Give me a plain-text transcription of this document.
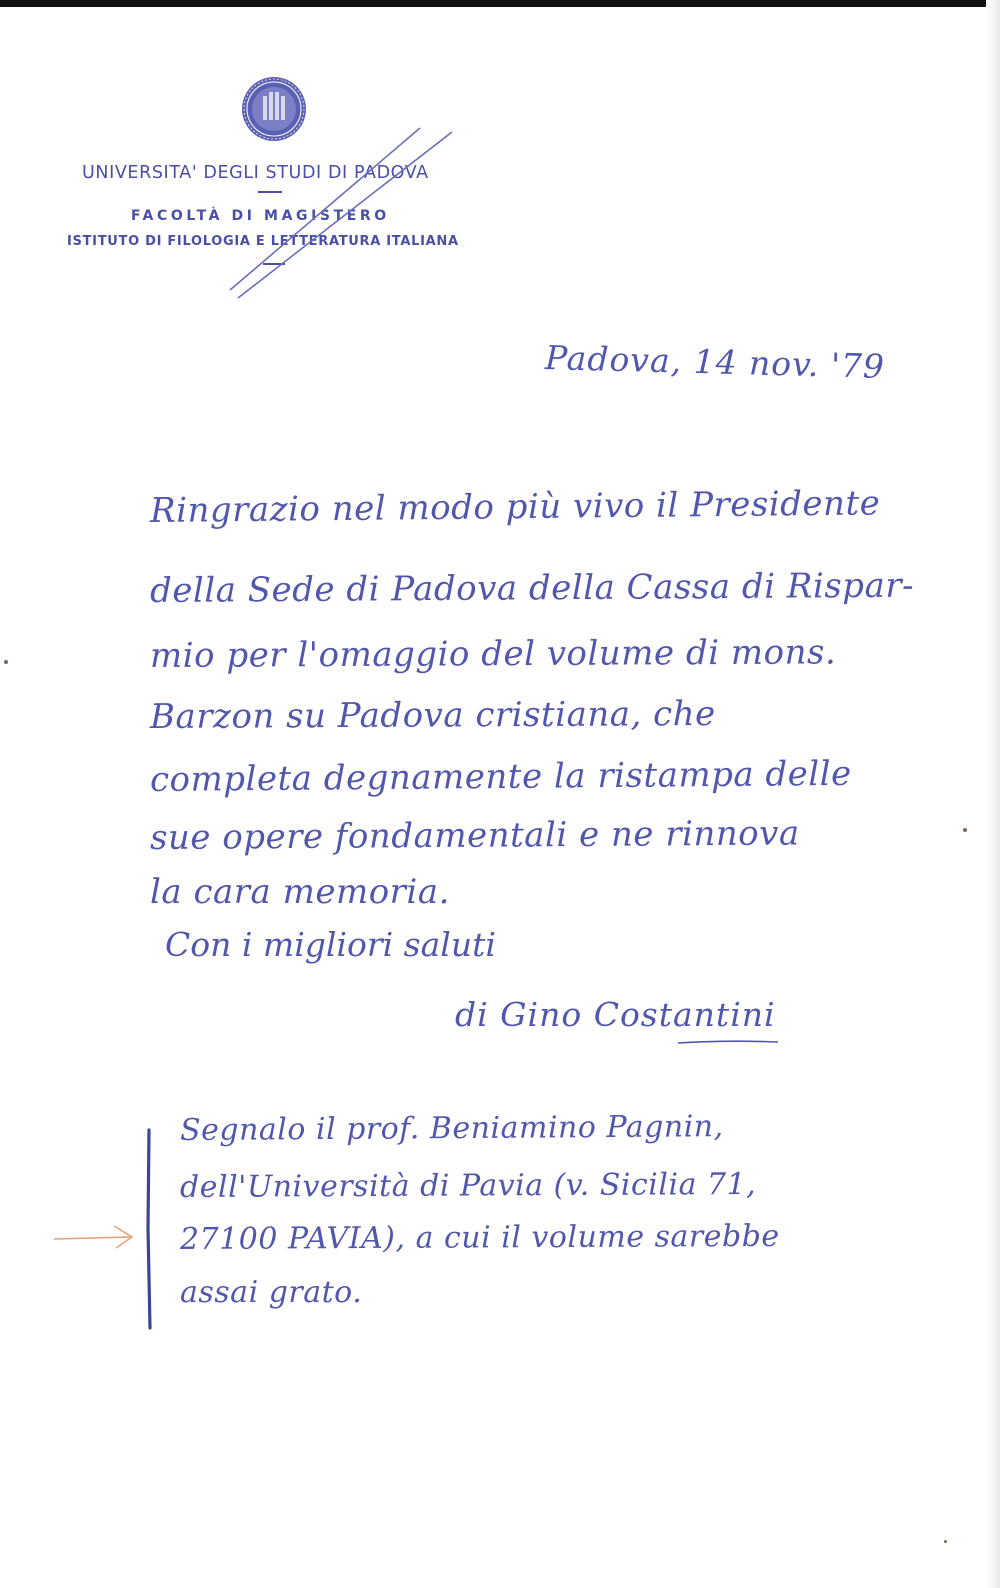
UNIVERSITA' DEGLI STUDI DI PADOVA
FACOLTÀ DI MAGISTERO
ISTITUTO DI FILOLOGIA E LETTERATURA ITALIANA
Padova, 14 nov. '79
Ringrazio nel modo più vivo il Presidente
della Sede di Padova della Cassa di Rispar-
mio per l'omaggio del volume di mons.
Barzon su Padova cristiana, che
completa degnamente la ristampa delle
sue opere fondamentali e ne rinnova
la cara memoria.
Con i migliori saluti
di Gino Costantini
Segnalo il prof. Beniamino Pagnin,
dell'Università di Pavia (v. Sicilia 71,
27100 PAVIA), a cui il volume sarebbe
assai grato.
